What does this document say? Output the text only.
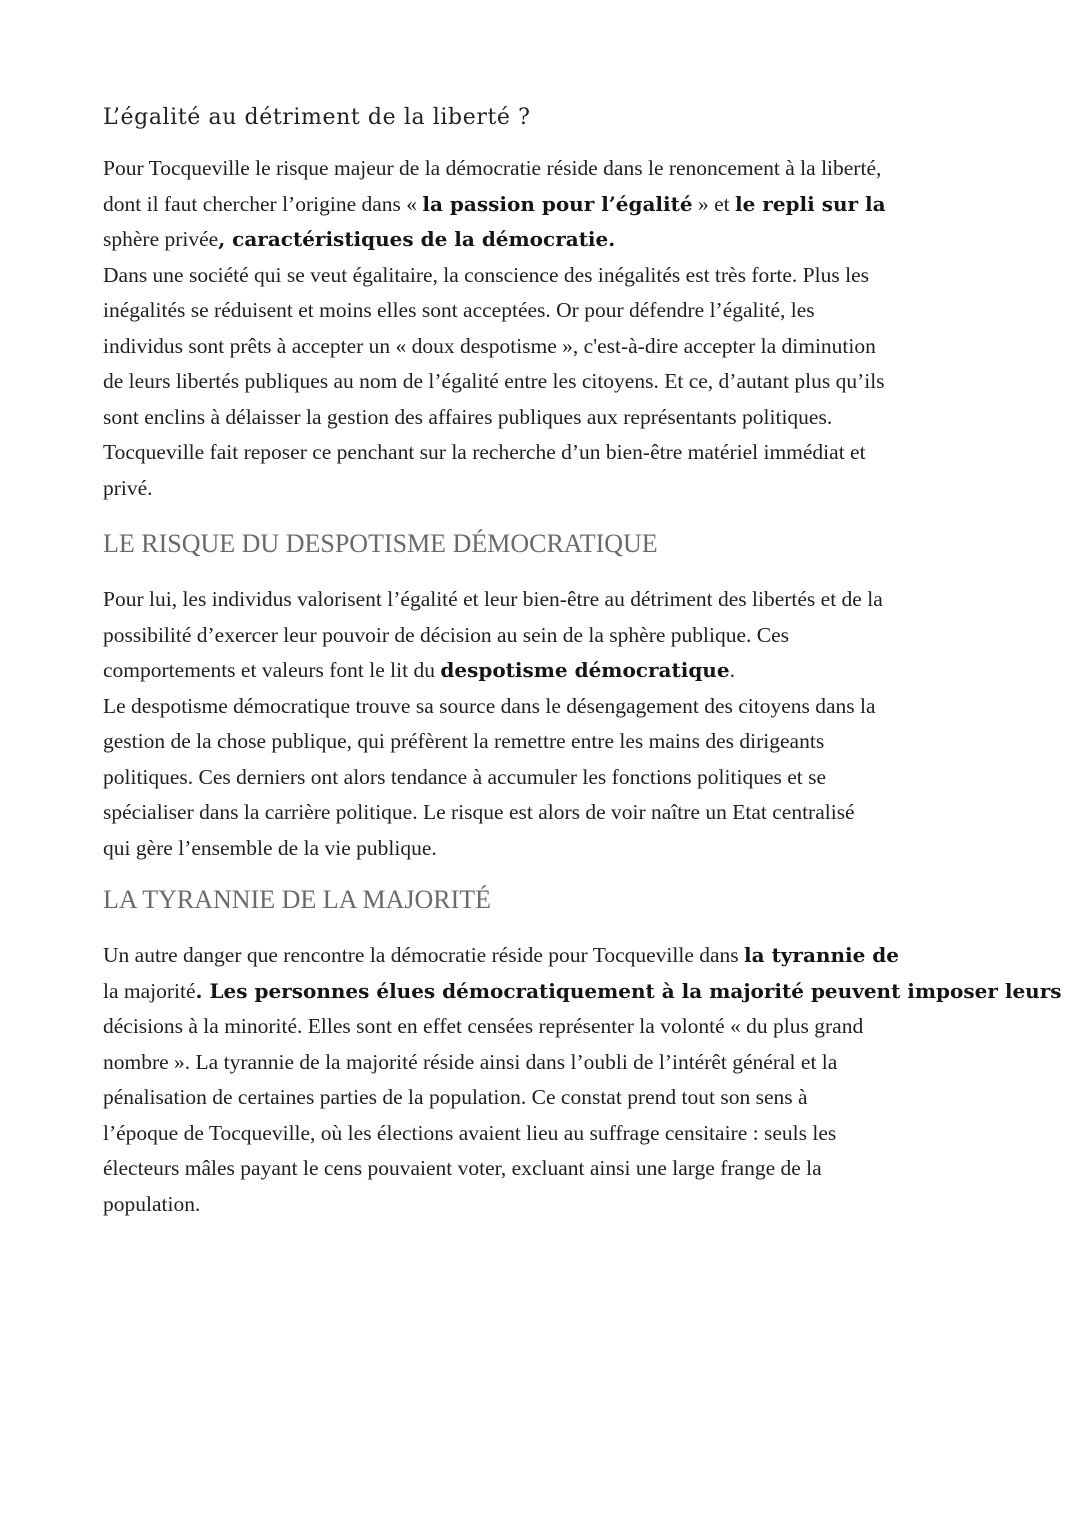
L’égalité au détriment de la liberté ?
Pour Tocqueville le risque majeur de la démocratie réside dans le renoncement à la liberté,
dont il faut chercher l’origine dans « la passion pour l’égalité » et le repli sur la
sphère privée, caractéristiques de la démocratie.
Dans une société qui se veut égalitaire, la conscience des inégalités est très forte. Plus les
inégalités se réduisent et moins elles sont acceptées. Or pour défendre l’égalité, les
individus sont prêts à accepter un « doux despotisme », c'est-à-dire accepter la diminution
de leurs libertés publiques au nom de l’égalité entre les citoyens. Et ce, d’autant plus qu’ils
sont enclins à délaisser la gestion des affaires publiques aux représentants politiques.
Tocqueville fait reposer ce penchant sur la recherche d’un bien-être matériel immédiat et
privé.
LE RISQUE DU DESPOTISME DÉMOCRATIQUE
Pour lui, les individus valorisent l’égalité et leur bien-être au détriment des libertés et de la
possibilité d’exercer leur pouvoir de décision au sein de la sphère publique. Ces
comportements et valeurs font le lit du despotisme démocratique.
Le despotisme démocratique trouve sa source dans le désengagement des citoyens dans la
gestion de la chose publique, qui préfèrent la remettre entre les mains des dirigeants
politiques. Ces derniers ont alors tendance à accumuler les fonctions politiques et se
spécialiser dans la carrière politique. Le risque est alors de voir naître un Etat centralisé
qui gère l’ensemble de la vie publique.
LA TYRANNIE DE LA MAJORITÉ
Un autre danger que rencontre la démocratie réside pour Tocqueville dans la tyrannie de
la majorité. Les personnes élues démocratiquement à la majorité peuvent imposer leurs
décisions à la minorité. Elles sont en effet censées représenter la volonté « du plus grand
nombre ». La tyrannie de la majorité réside ainsi dans l’oubli de l’intérêt général et la
pénalisation de certaines parties de la population. Ce constat prend tout son sens à
l’époque de Tocqueville, où les élections avaient lieu au suffrage censitaire : seuls les
électeurs mâles payant le cens pouvaient voter, excluant ainsi une large frange de la
population.
